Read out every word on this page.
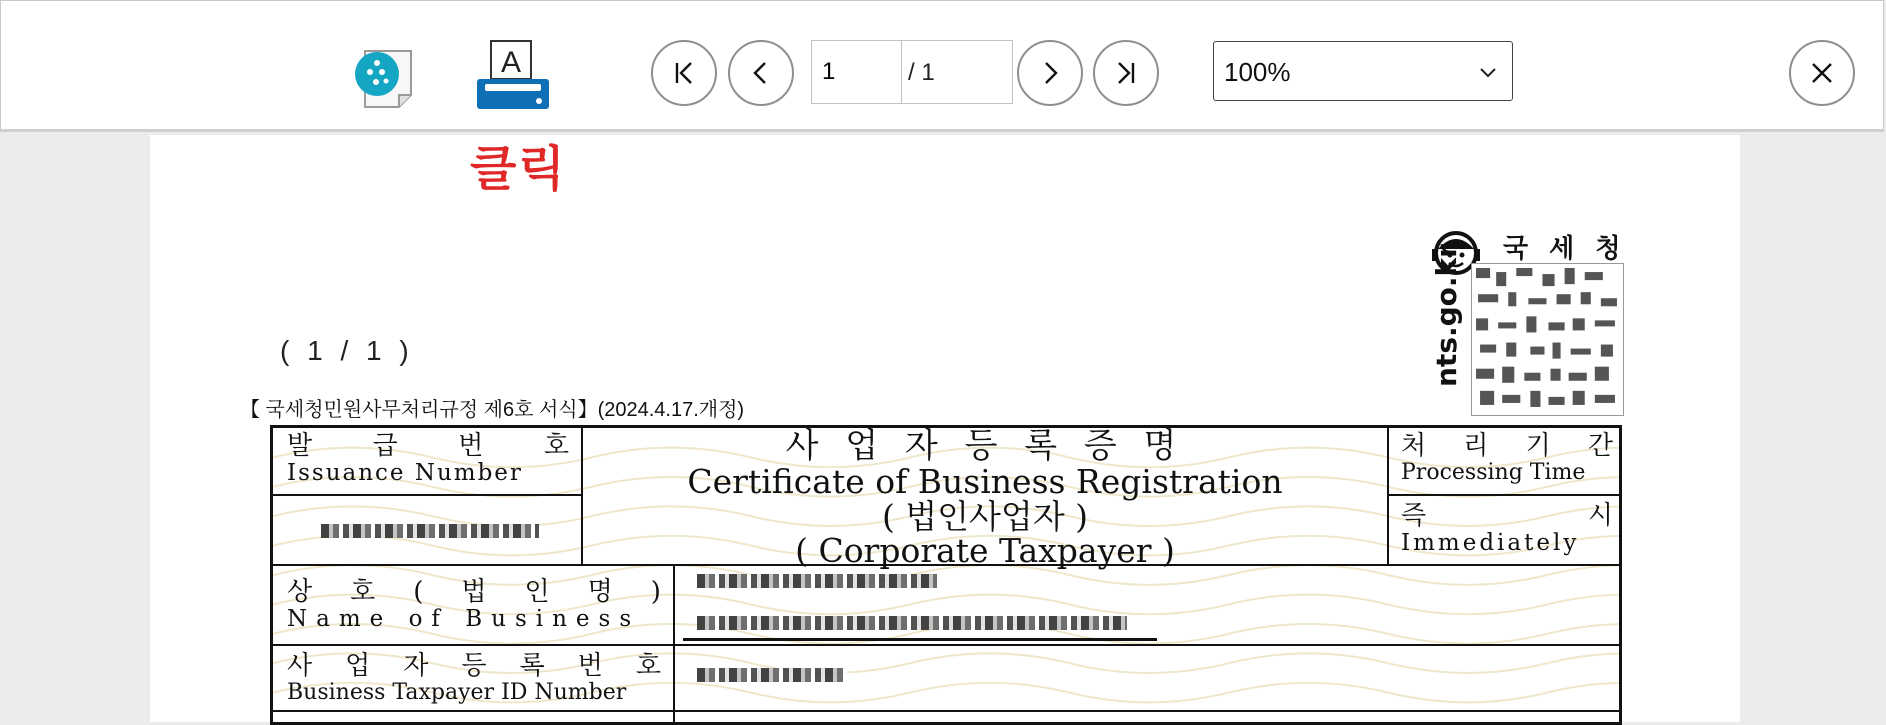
A
1	/ 1	100%
( 1 / 1 )
【 국세청민원사무처리규정 제6호 서식】(2024.4.17.개정)
국 세 청
nts.go.kr
발 급 번 호
Issuance Number
사 업 자 등 록 증 명
Certificate of Business Registration
( 법인사업자 )
( Corporate Taxpayer )
처 리 기 간
Processing Time
즉	시
Immediately
상 호 ( 법 인 명 )
Name of Business
사 업 자 등 록 번 호
Business Taxpayer ID Number
클릭
